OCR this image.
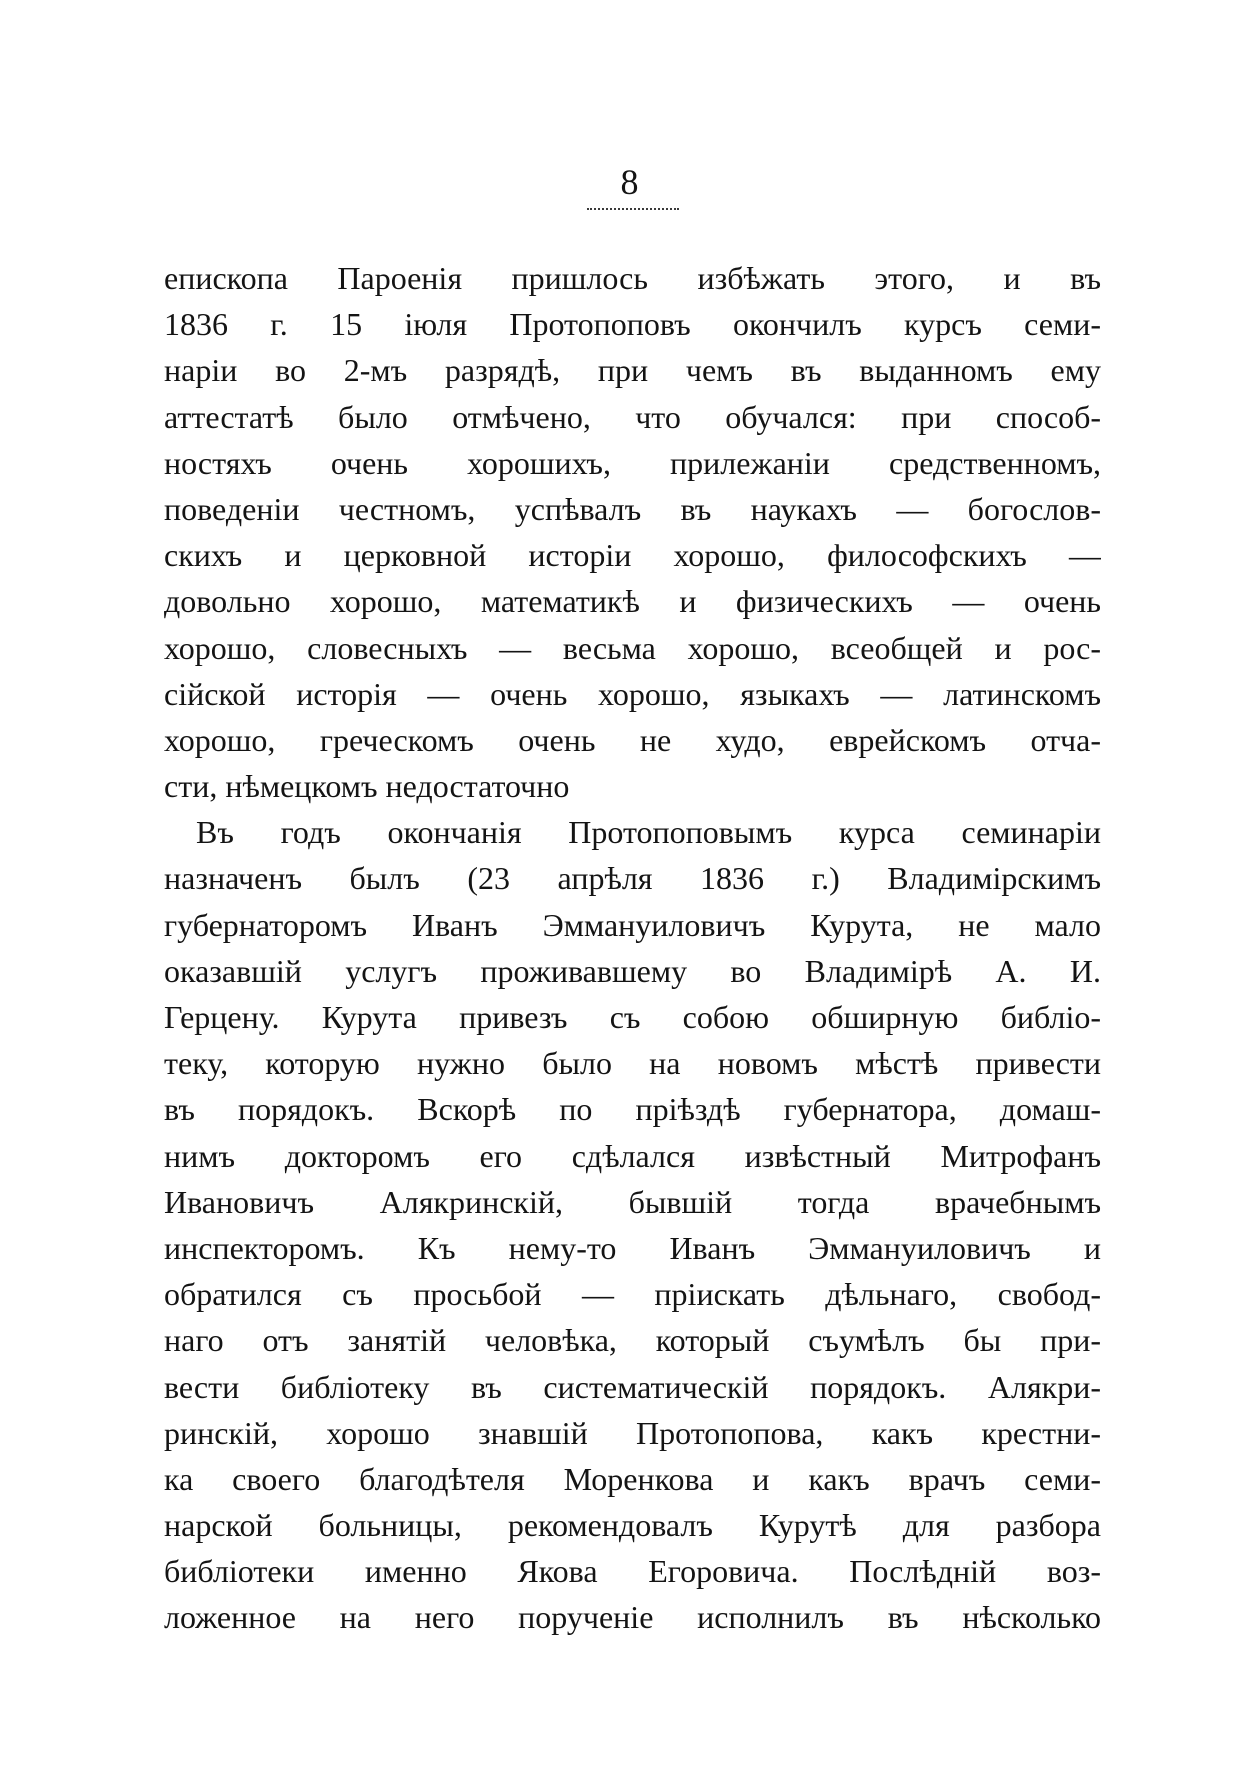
8
епископа Пароенія пришлось избѣжать этого, и въ
1836 г. 15 іюля Протопоповъ окончилъ курсъ семи-
наріи во 2-мъ разрядѣ, при чемъ въ выданномъ ему
аттестатѣ было отмѣчено, что обучался: при способ-
ностяхъ очень хорошихъ, прилежаніи средственномъ,
поведеніи честномъ, успѣвалъ въ наукахъ — богослов-
скихъ и церковной исторіи хорошо, философскихъ —
довольно хорошо, математикѣ и физическихъ — очень
хорошо, словесныхъ — весьма хорошо, всеобщей и рос-
сійской исторія — очень хорошо, языкахъ — латинскомъ
хорошо, греческомъ очень не худо, еврейскомъ отча-
сти, нѣмецкомъ недостаточно
Въ годъ окончанія Протопоповымъ курса семинаріи
назначенъ былъ (23 апрѣля 1836 г.) Владимірскимъ
губернаторомъ Иванъ Эммануиловичъ Курута, не мало
оказавшій услугъ проживавшему во Владимірѣ А. И.
Герцену. Курута привезъ съ собою обширную библіо-
теку, которую нужно было на новомъ мѣстѣ привести
въ порядокъ. Вскорѣ по пріѣздѣ губернатора, домаш-
нимъ докторомъ его сдѣлался извѣстный Митрофанъ
Ивановичъ Алякринскій, бывшій тогда врачебнымъ
инспекторомъ. Къ нему-то Иванъ Эммануиловичъ и
обратился съ просьбой — пріискать дѣльнаго, свобод-
наго отъ занятій человѣка, который съумѣлъ бы при-
вести библіотеку въ систематическій порядокъ. Алякри-
ринскій, хорошо знавшій Протопопова, какъ крестни-
ка своего благодѣтеля Моренкова и какъ врачъ семи-
нарской больницы, рекомендовалъ Курутѣ для разбора
библіотеки именно Якова Егоровича. Послѣдній воз-
ложенное на него порученіе исполнилъ въ нѣсколько
